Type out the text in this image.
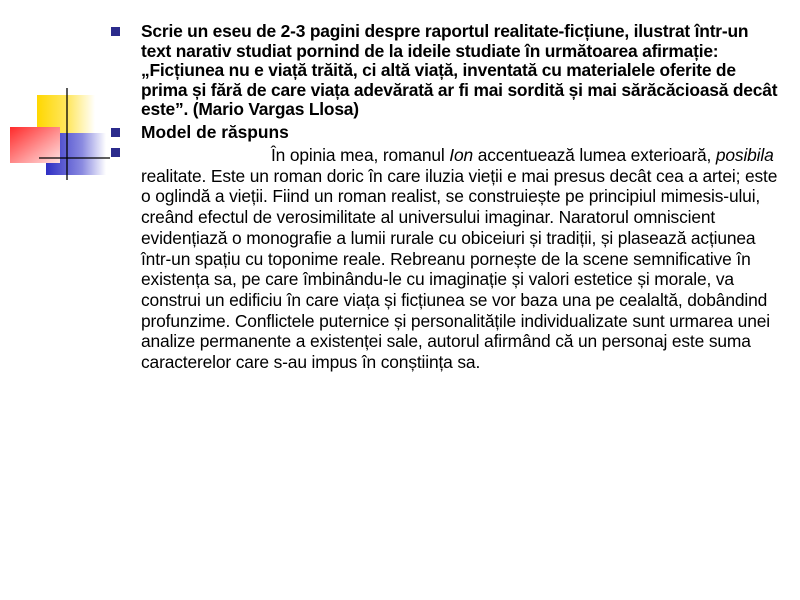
Scrie un eseu de 2-3 pagini despre raportul realitate-ficțiune, ilustrat într-un text narativ studiat pornind de la ideile studiate în următoarea afirmație: „Ficțiunea nu e viață trăită, ci altă viață, inventată cu materialele oferite de prima și fără de care viața adevărată ar fi mai sordită și mai sărăcăcioasă decât este”. (Mario Vargas Llosa)
Model de răspuns
În opinia mea, romanul Ion accentuează lumea exterioară, posibila realitate. Este un roman doric în care iluzia vieții e mai presus decât cea a artei; este o oglindă a vieții. Fiind un roman realist, se construiește pe principiul mimesis-ului, creând efectul de verosimilitate al universului imaginar. Naratorul omniscient evidențiază o monografie a lumii rurale cu obiceiuri și tradiții, și plasează acțiunea într-un spațiu cu toponime reale. Rebreanu pornește de la scene semnificative în existența sa, pe care îmbinându-le cu imaginație și valori estetice și morale, va construi un edificiu în care viața și ficțiunea se vor baza una pe cealaltă, dobândind profunzime. Conflictele puternice și personalitățile individualizate sunt urmarea unei analize permanente a existenței sale, autorul afirmând că un personaj este suma caracterelor care s-au impus în conștiința sa.
